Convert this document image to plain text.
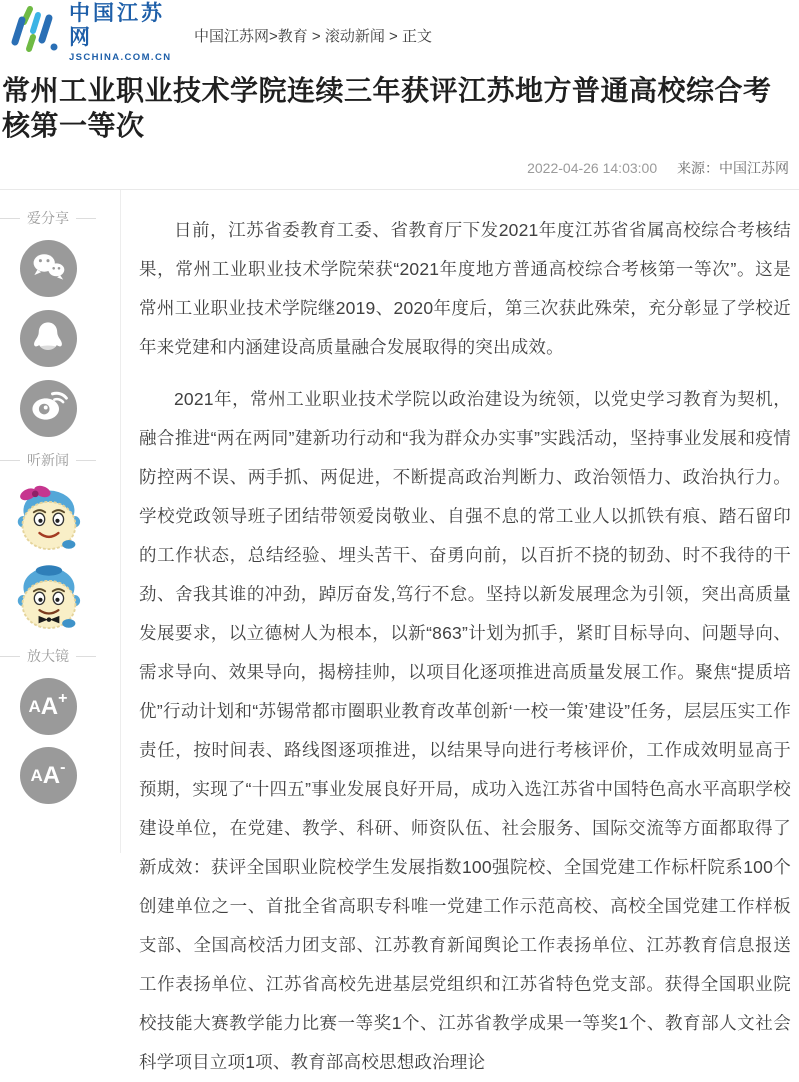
中国江苏网
JSCHINA.COM.CN
中国江苏网>教育 > 滚动新闻 > 正文
常州工业职业技术学院连续三年获评江苏地方普通高校综合考核第一等次
2022-04-26 14:03:00 来源：中国江苏网
爱分享
听新闻
放大镜
A A +
A A -

日前，江苏省委教育工委、省教育厅下发2021年度江苏省省属高校综合考核结果，常州工业职业技术学院荣获“2021年度地方普通高校综合考核第一等次”。这是常州工业职业技术学院继2019、2020年度后，第三次获此殊荣，充分彰显了学校近年来党建和内涵建设高质量融合发展取得的突出成效。

2021年，常州工业职业技术学院以政治建设为统领，以党史学习教育为契机，融合推进“两在两同”建新功行动和“我为群众办实事”实践活动，坚持事业发展和疫情防控两不误、两手抓、两促进，不断提高政治判断力、政治领悟力、政治执行力。学校党政领导班子团结带领爱岗敬业、自强不息的常工业人以抓铁有痕、踏石留印的工作状态，总结经验、埋头苦干、奋勇向前，以百折不挠的韧劲、时不我待的干劲、舍我其谁的冲劲，踔厉奋发,笃行不怠。坚持以新发展理念为引领，突出高质量发展要求，以立德树人为根本，以新“863”计划为抓手，紧盯目标导向、问题导向、需求导向、效果导向，揭榜挂帅，以项目化逐项推进高质量发展工作。聚焦“提质培优”行动计划和“苏锡常都市圈职业教育改革创新‘一校一策’建设”任务，层层压实工作责任，按时间表、路线图逐项推进，以结果导向进行考核评价，工作成效明显高于预期，实现了“十四五”事业发展良好开局，成功入选江苏省中国特色高水平高职学校建设单位，在党建、教学、科研、师资队伍、社会服务、国际交流等方面都取得了新成效：获评全国职业院校学生发展指数100强院校、全国党建工作标杆院系100个创建单位之一、首批全省高职专科唯一党建工作示范高校、高校全国党建工作样板支部、全国高校活力团支部、江苏教育新闻舆论工作表扬单位、江苏教育信息报送工作表扬单位、江苏省高校先进基层党组织和江苏省特色党支部。获得全国职业院校技能大赛教学能力比赛一等奖1个、江苏省教学成果一等奖1个、教育部人文社会科学项目立项1项、教育部高校思想政治理论
